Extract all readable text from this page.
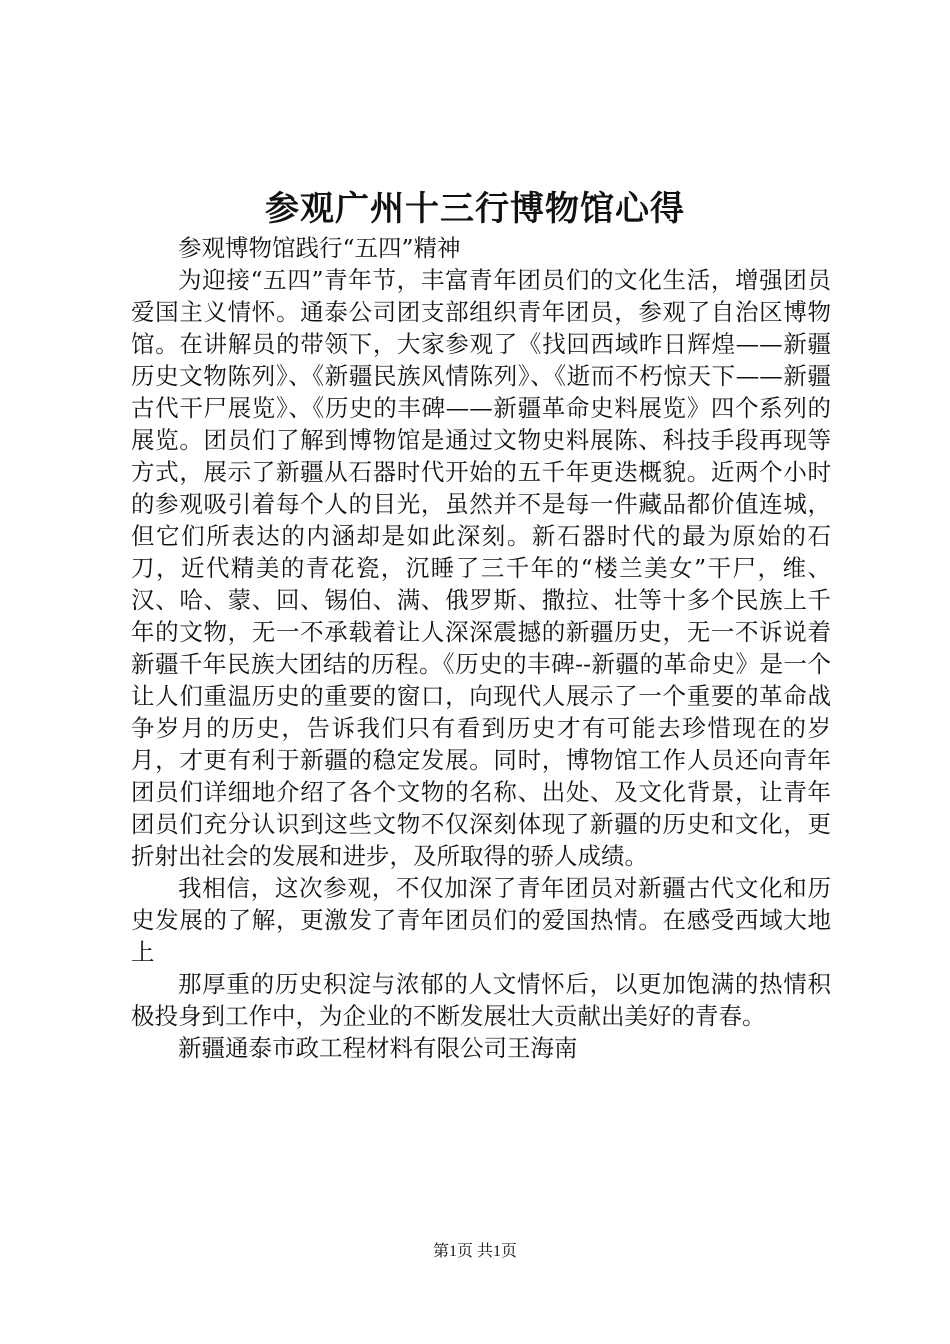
参观广州十三行博物馆心得

参观博物馆践行“五四”精神

为迎接“五四”青年节，丰富青年团员们的文化生活，增强团员爱国主义情怀。通泰公司团支部组织青年团员，参观了自治区博物馆。在讲解员的带领下，大家参观了《找回西域昨日辉煌——新疆历史文物陈列》、《新疆民族风情陈列》、《逝而不朽惊天下——新疆古代干尸展览》、《历史的丰碑——新疆革命史料展览》四个系列的展览。团员们了解到博物馆是通过文物史料展陈、科技手段再现等方式，展示了新疆从石器时代开始的五千年更迭概貌。近两个小时的参观吸引着每个人的目光，虽然并不是每一件藏品都价值连城，但它们所表达的内涵却是如此深刻。新石器时代的最为原始的石刀，近代精美的青花瓷，沉睡了三千年的“楼兰美女”干尸，维、汉、哈、蒙、回、锡伯、满、俄罗斯、撒拉、壮等十多个民族上千年的文物，无一不承载着让人深深震撼的新疆历史，无一不诉说着新疆千年民族大团结的历程。《历史的丰碑--新疆的革命史》是一个让人们重温历史的重要的窗口，向现代人展示了一个重要的革命战争岁月的历史，告诉我们只有看到历史才有可能去珍惜现在的岁月，才更有利于新疆的稳定发展。同时，博物馆工作人员还向青年团员们详细地介绍了各个文物的名称、出处、及文化背景，让青年团员们充分认识到这些文物不仅深刻体现了新疆的历史和文化，更折射出社会的发展和进步，及所取得的骄人成绩。

我相信，这次参观，不仅加深了青年团员对新疆古代文化和历史发展的了解，更激发了青年团员们的爱国热情。在感受西域大地上

那厚重的历史积淀与浓郁的人文情怀后，以更加饱满的热情积极投身到工作中，为企业的不断发展壮大贡献出美好的青春。

新疆通泰市政工程材料有限公司王海南

第1页 共1页
